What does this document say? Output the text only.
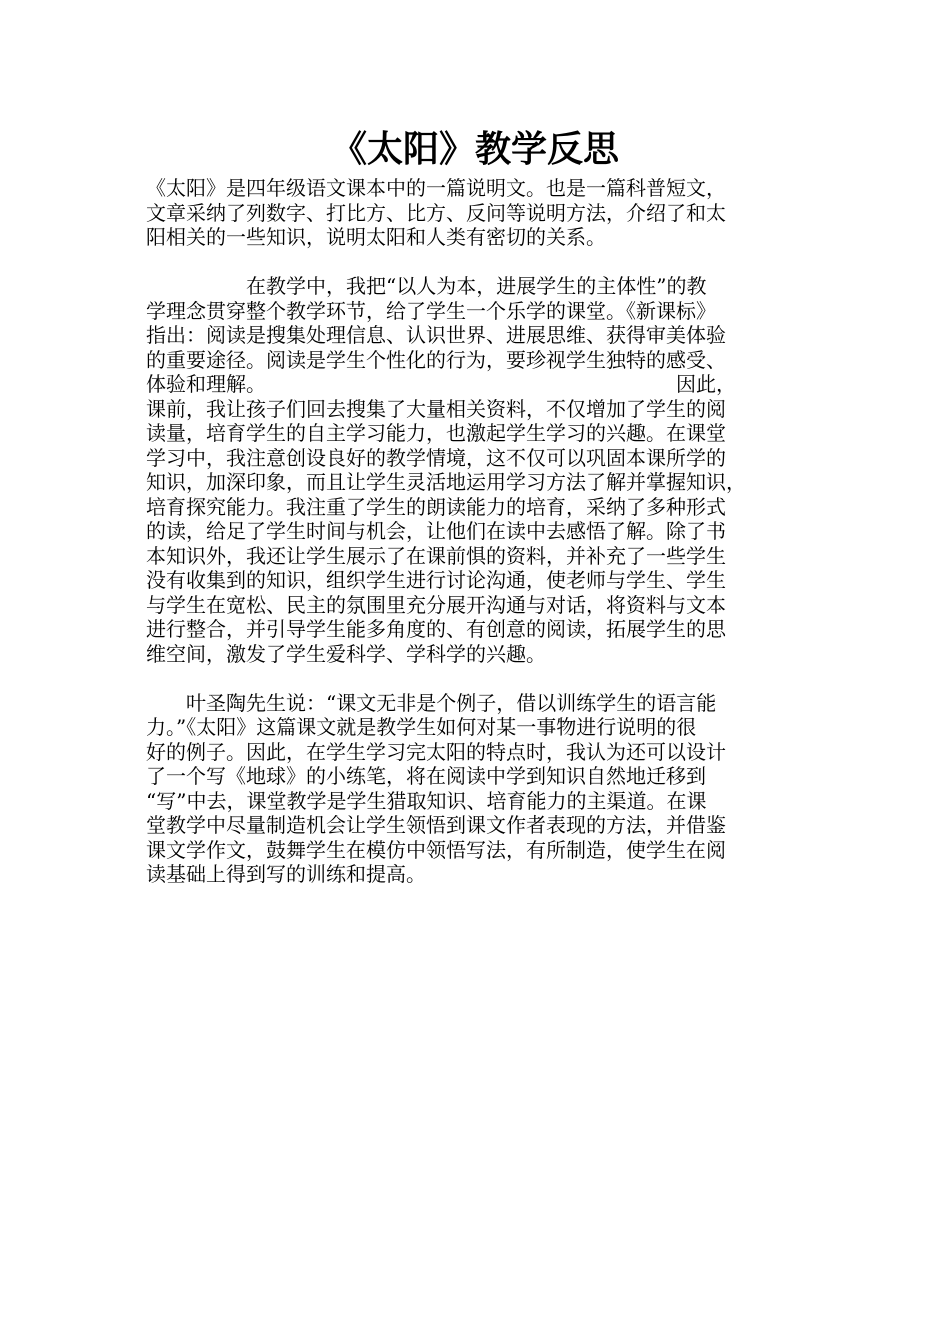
《太阳》教学反思

《太阳》是四年级语文课本中的一篇说明文。也是一篇科普短文，
文章采纳了列数字、打比方、比方、反问等说明方法，介绍了和太
阳相关的一些知识，说明太阳和人类有密切的关系。

　　　　　在教学中，我把“以人为本，进展学生的主体性”的教
学理念贯穿整个教学环节，给了学生一个乐学的课堂。《新课标》
指出：阅读是搜集处理信息、认识世界、进展思维、获得审美体验
的重要途径。阅读是学生个性化的行为，要珍视学生独特的感受、
体验和理解。　　　　　　　　　　　　　　　　　　　　　因此，
课前，我让孩子们回去搜集了大量相关资料，不仅增加了学生的阅
读量，培育学生的自主学习能力，也激起学生学习的兴趣。在课堂
学习中，我注意创设良好的教学情境，这不仅可以巩固本课所学的
知识，加深印象，而且让学生灵活地运用学习方法了解并掌握知识，
培育探究能力。我注重了学生的朗读能力的培育，采纳了多种形式
的读，给足了学生时间与机会，让他们在读中去感悟了解。除了书
本知识外，我还让学生展示了在课前惧的资料，并补充了一些学生
没有收集到的知识，组织学生进行讨论沟通，使老师与学生、学生
与学生在宽松、民主的氛围里充分展开沟通与对话，将资料与文本
进行整合，并引导学生能多角度的、有创意的阅读，拓展学生的思
维空间，激发了学生爱科学、学科学的兴趣。

　　叶圣陶先生说：“课文无非是个例子，借以训练学生的语言能
力。”《太阳》这篇课文就是教学生如何对某一事物进行说明的很
好的例子。因此，在学生学习完太阳的特点时，我认为还可以设计
了一个写《地球》的小练笔，将在阅读中学到知识自然地迁移到
“写”中去，课堂教学是学生猎取知识、培育能力的主渠道。在课
堂教学中尽量制造机会让学生领悟到课文作者表现的方法，并借鉴
课文学作文，鼓舞学生在模仿中领悟写法，有所制造，使学生在阅
读基础上得到写的训练和提高。
